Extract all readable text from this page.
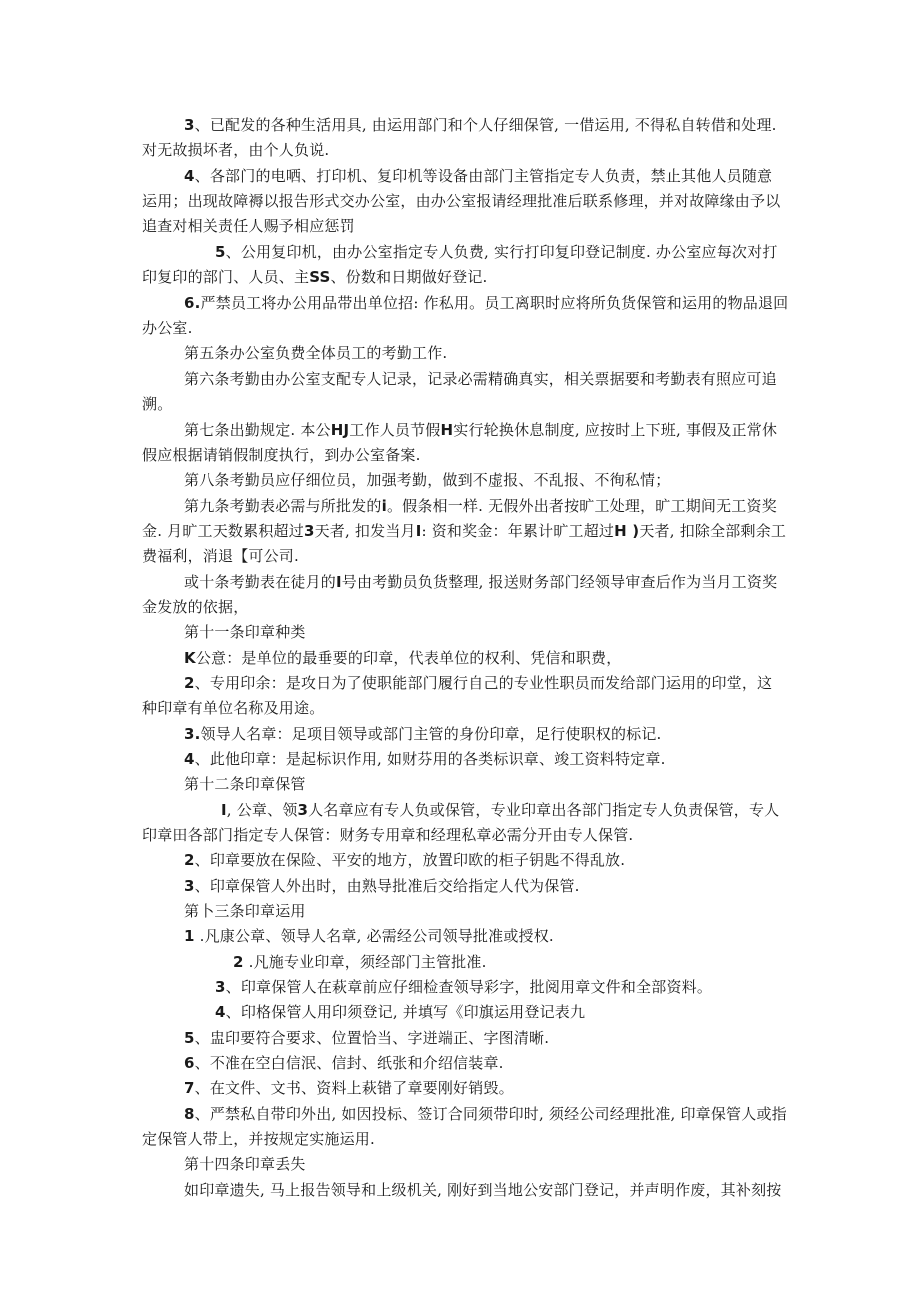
3、已配发的各种生活用具, 由运用部门和个人仔细保管, 一借运用, 不得私自转借和处理.
对无故损坏者，由个人负说.
4、各部门的电哂、打印机、复印机等设备由部门主管指定专人负责，禁止其他人员随意
运用；出现故障褥以报告形式交办公室，由办公室报请经理批准后联系修理，并对故障缘由予以
追查对相关责任人赐予相应惩罚
5、公用复印机，由办公室指定专人负费, 实行打印复印登记制度. 办公室应每次对打
印复印的部门、人员、主SS、份数和日期做好登记.
6.严禁员工将办公用品带出单位招: 作私用。员工离职时应将所负货保管和运用的物品退回
办公室.
第五条办公室负费全体员工的考勤工作.
第六条考勤由办公室支配专人记录，记录必需精确真实，相关票据要和考勤表有照应可追
溯。
第七条出勤规定. 本公HJ工作人员节假H实行轮换休息制度, 应按时上下班, 事假及正常休
假应根据请销假制度执行，到办公室备案.
第八条考勤员应仔细位员，加强考勤，做到不虚报、不乱报、不徇私情；
第九条考勤表必需与所批发的i。假条相一样. 无假外出者按旷工处理，旷工期间无工资奖
金. 月旷工天数累积超过3天者, 扣发当月I: 资和奖金：年累计旷工超过H )天者, 扣除全部剩余工
费福利，消退【可公司.
或十条考勤表在徒月的I号由考勤员负货整理, 报送财务部门经领导审查后作为当月工资奖
金发放的依据，
第十一条印章种类
K公意：是单位的最垂要的印章，代表单位的权利、凭信和职费，
2、专用印余：是攻日为了使职能部门履行自己的专业性职员而发给部门运用的印堂，这
种印章有单位名称及用途。
3.领导人名章：足项目领导或部门主管的身份印章，足行使职权的标记.
4、此他印章：是起标识作用, 如财芬用的各类标识章、竣工资料特定章.
第十二条印章保管
I, 公章、领3人名章应有专人负或保管，专业印章出各部门指定专人负责保管，专人
印章田各部门指定专人保管：财务专用章和经理私章必需分开由专人保管.
2、印章要放在保险、平安的地方，放置印欧的柜子钥匙不得乱放.
3、印章保管人外出时，由熟导批准后交给指定人代为保管.
第卜三条印章运用
1 .凡康公章、领导人名章, 必需经公司领导批准或授权.
2 .凡施专业印章，须经部门主管批准.
3、印章保管人在萩章前应仔细检查领导彩字，批阅用章文件和全部资料。
4、印格保管人用印须登记, 并填写《印旗运用登记表九
5、盅印要符合要求、位置恰当、字迸端正、字图清晰.
6、不准在空白信泯、信封、纸张和介绍信装章.
7、在文件、文书、资料上萩错了章要刚好销毁。
8、严禁私自带印外出, 如因投标、签订合同须带印时, 须经公司经理批准, 印章保管人或指
定保管人带上，并按规定实施运用.
第十四条印章丢失
如印章遗失, 马上报告领导和上级机关, 刚好到当地公安部门登记，并声明作废，其补刻按
